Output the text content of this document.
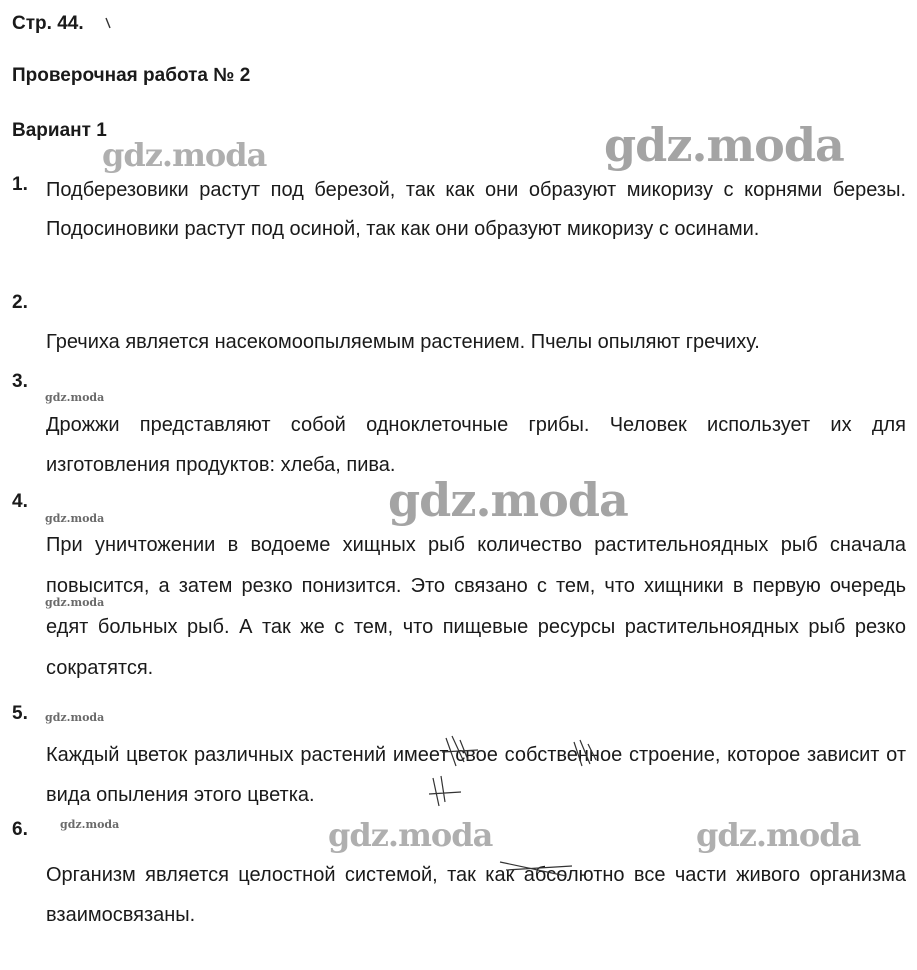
Стр. 44.
Проверочная работа № 2
Вариант 1
1. Подберезовики растут под березой, так как они образуют микоризу с корнями березы. Подосиновики растут под осиной, так как они образуют микоризу с осинами.

2.

Гречиха является насекомоопыляемым растением. Пчелы опыляют гречиху.

3.

Дрожжи представляют собой одноклеточные грибы. Человек использует их для изготовления продуктов: хлеба, пива.

4.

При уничтожении в водоеме хищных рыб количество растительноядных рыб сначала повысится, а затем резко понизится. Это связано с тем, что хищники в первую очередь едят больных рыб. А так же с тем, что пищевые ресурсы растительноядных рыб резко сократятся.

5.

Каждый цветок различных растений имеет свое собственное строение, которое зависит от вида опыления этого цветка.

6.

Организм является целостной системой, так как абсолютно все части живого организма взаимосвязаны.

gdz.moda	gdz.moda
gdz.moda
gdz.moda
gdz.moda
gdz.moda
gdz.moda
gdz.moda	gdz.moda	gdz.moda
